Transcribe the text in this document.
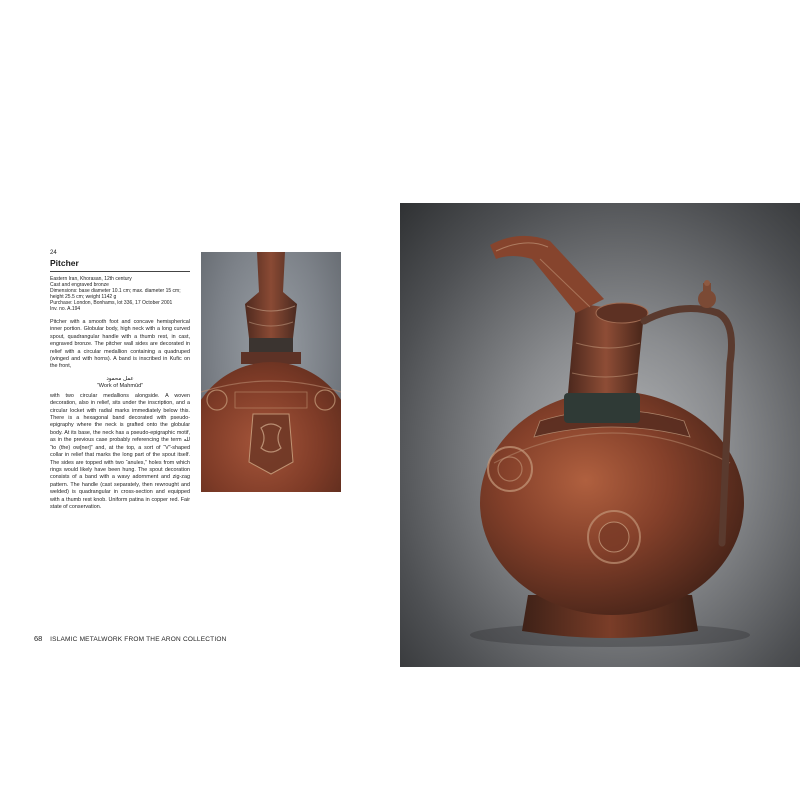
24
Pitcher
Eastern Iran, Khorasan, 12th century
Cast and engraved bronze
Dimensions: base diameter 10.1 cm; max. diameter 15 cm;
height 25.5 cm; weight 1142 g
Purchase: London, Bonhams, lot 336, 17 October 2001
Inv. no. A.194

Pitcher with a smooth foot and concave hemispherical inner portion. Globular body, high neck with a long curved spout, quadrangular handle with a thumb rest, in cast, engraved bronze. The pitcher wall sides are decorated in relief with a circular medallion containing a quadruped (winged and with horns). A band is inscribed in Kufic on the front,

عمل محمود
“Work of Mahmūd”

with two circular medallions alongside. A woven decoration, also in relief, sits under the inscription, and a circular locket with radial marks immediately below this. There is a hexagonal band decorated with pseudo-epigraphy where the neck is grafted onto the globular body. At its base, the neck has a pseudo-epigraphic motif, as in the previous case probably referencing the term لله “to (the) ow[ner]” and, at the top, a sort of “V”-shaped collar in relief that marks the long part of the spout itself. The sides are topped with two “anules,” holes from which rings would likely have been hung. The spout decoration consists of a band with a wavy adornment and zig-zag pattern. The handle (cast separately, then rewrought and welded) is quadrangular in cross-section and equipped with a thumb rest knob. Uniform patina in copper red. Fair state of conservation.

68 ISLAMIC METALWORK FROM THE ARON COLLECTION
